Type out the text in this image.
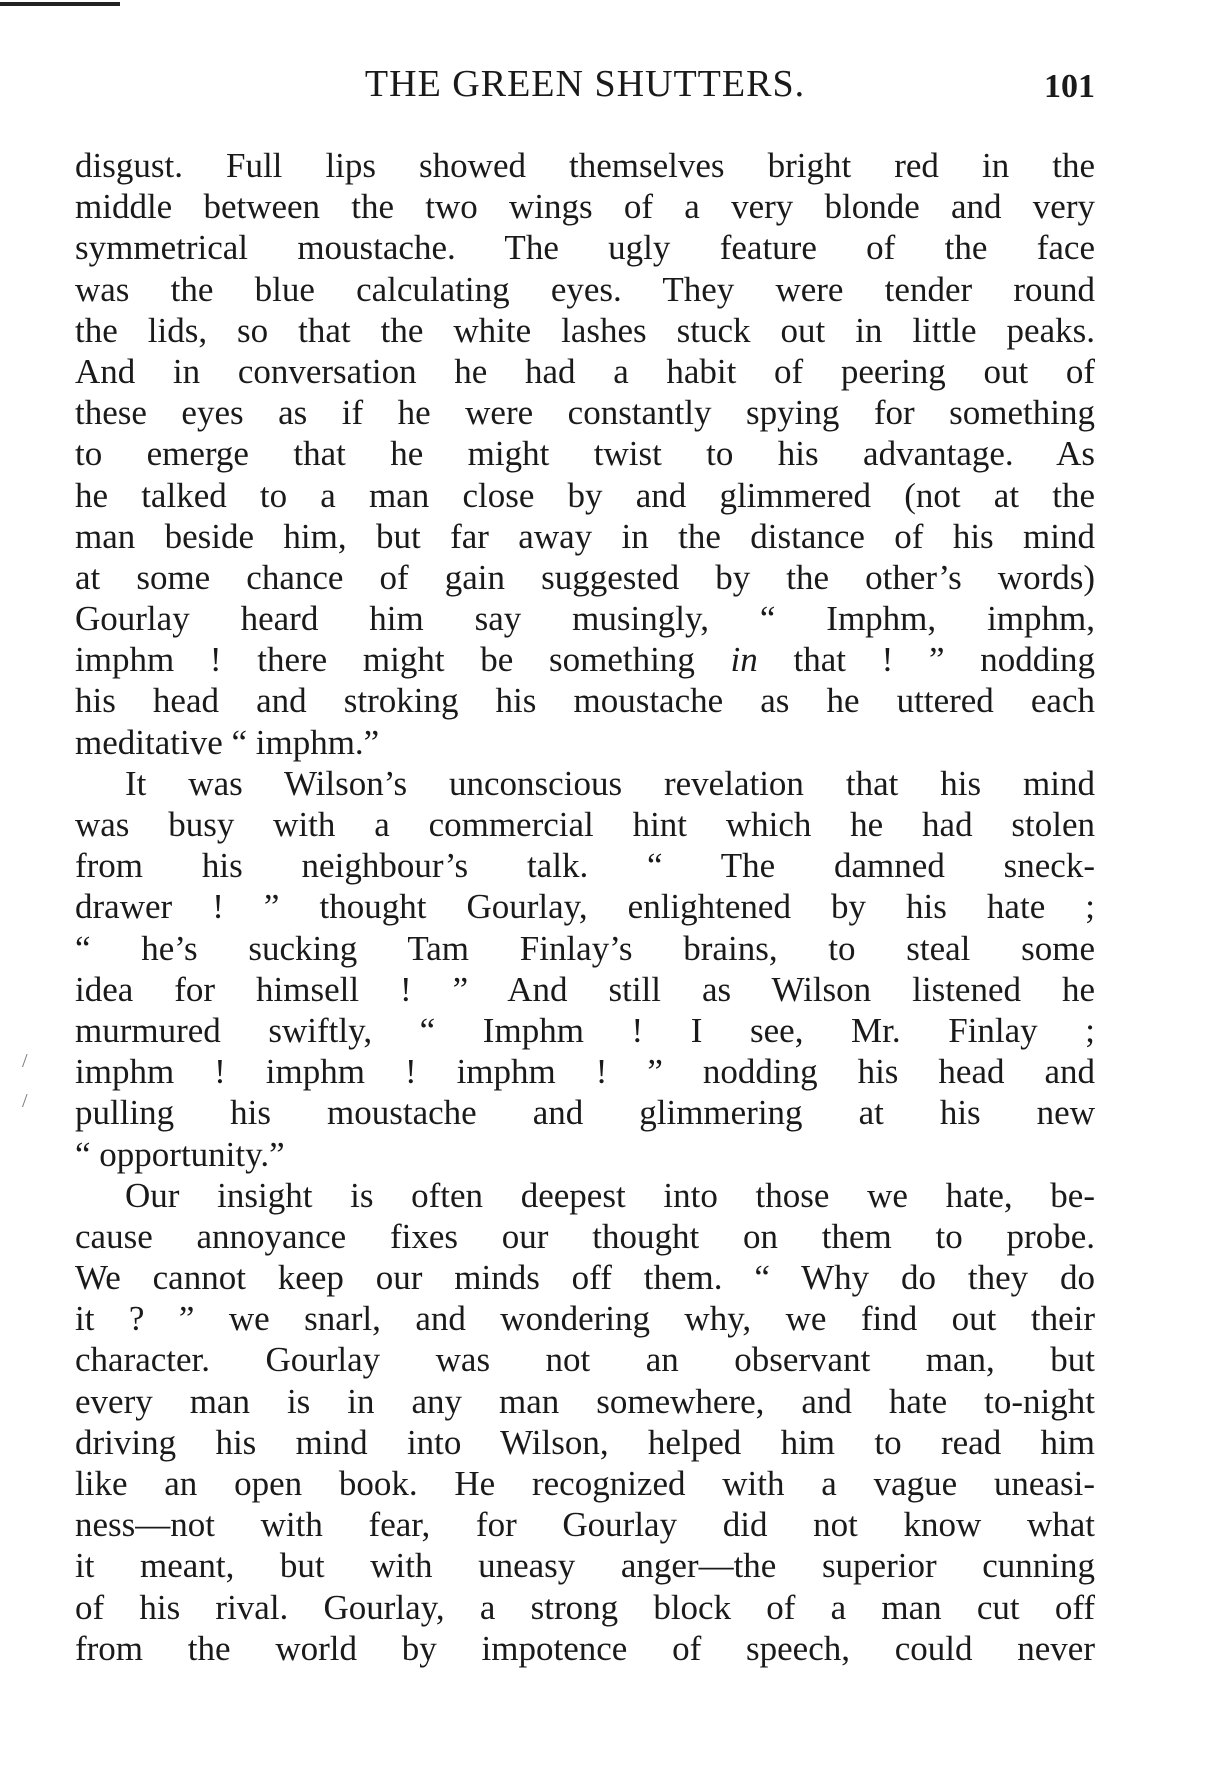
THE GREEN SHUTTERS.	101
disgust. Full lips showed themselves bright red in the
middle between the two wings of a very blonde and very
symmetrical moustache. The ugly feature of the face
was the blue calculating eyes. They were tender round
the lids, so that the white lashes stuck out in little peaks.
And in conversation he had a habit of peering out of
these eyes as if he were constantly spying for something
to emerge that he might twist to his advantage. As
he talked to a man close by and glimmered (not at the
man beside him, but far away in the distance of his mind
at some chance of gain suggested by the other’s words)
Gourlay heard him say musingly, “ Imphm, imphm,
imphm ! there might be something in that ! ” nodding
his head and stroking his moustache as he uttered each
meditative “ imphm.”
It was Wilson’s unconscious revelation that his mind
was busy with a commercial hint which he had stolen
from his neighbour’s talk. “ The damned sneck-
drawer ! ” thought Gourlay, enlightened by his hate ;
“ he’s sucking Tam Finlay’s brains, to steal some
idea for himsell ! ” And still as Wilson listened he
murmured swiftly, “ Imphm ! I see, Mr. Finlay ;
imphm ! imphm ! imphm ! ” nodding his head and
pulling his moustache and glimmering at his new
“ opportunity.”
Our insight is often deepest into those we hate, be-
cause annoyance fixes our thought on them to probe.
We cannot keep our minds off them. “ Why do they do
it ? ” we snarl, and wondering why, we find out their
character. Gourlay was not an observant man, but
every man is in any man somewhere, and hate to-night
driving his mind into Wilson, helped him to read him
like an open book. He recognized with a vague uneasi-
ness—not with fear, for Gourlay did not know what
it meant, but with uneasy anger—the superior cunning
of his rival. Gourlay, a strong block of a man cut off
from the world by impotence of speech, could never
/
/
